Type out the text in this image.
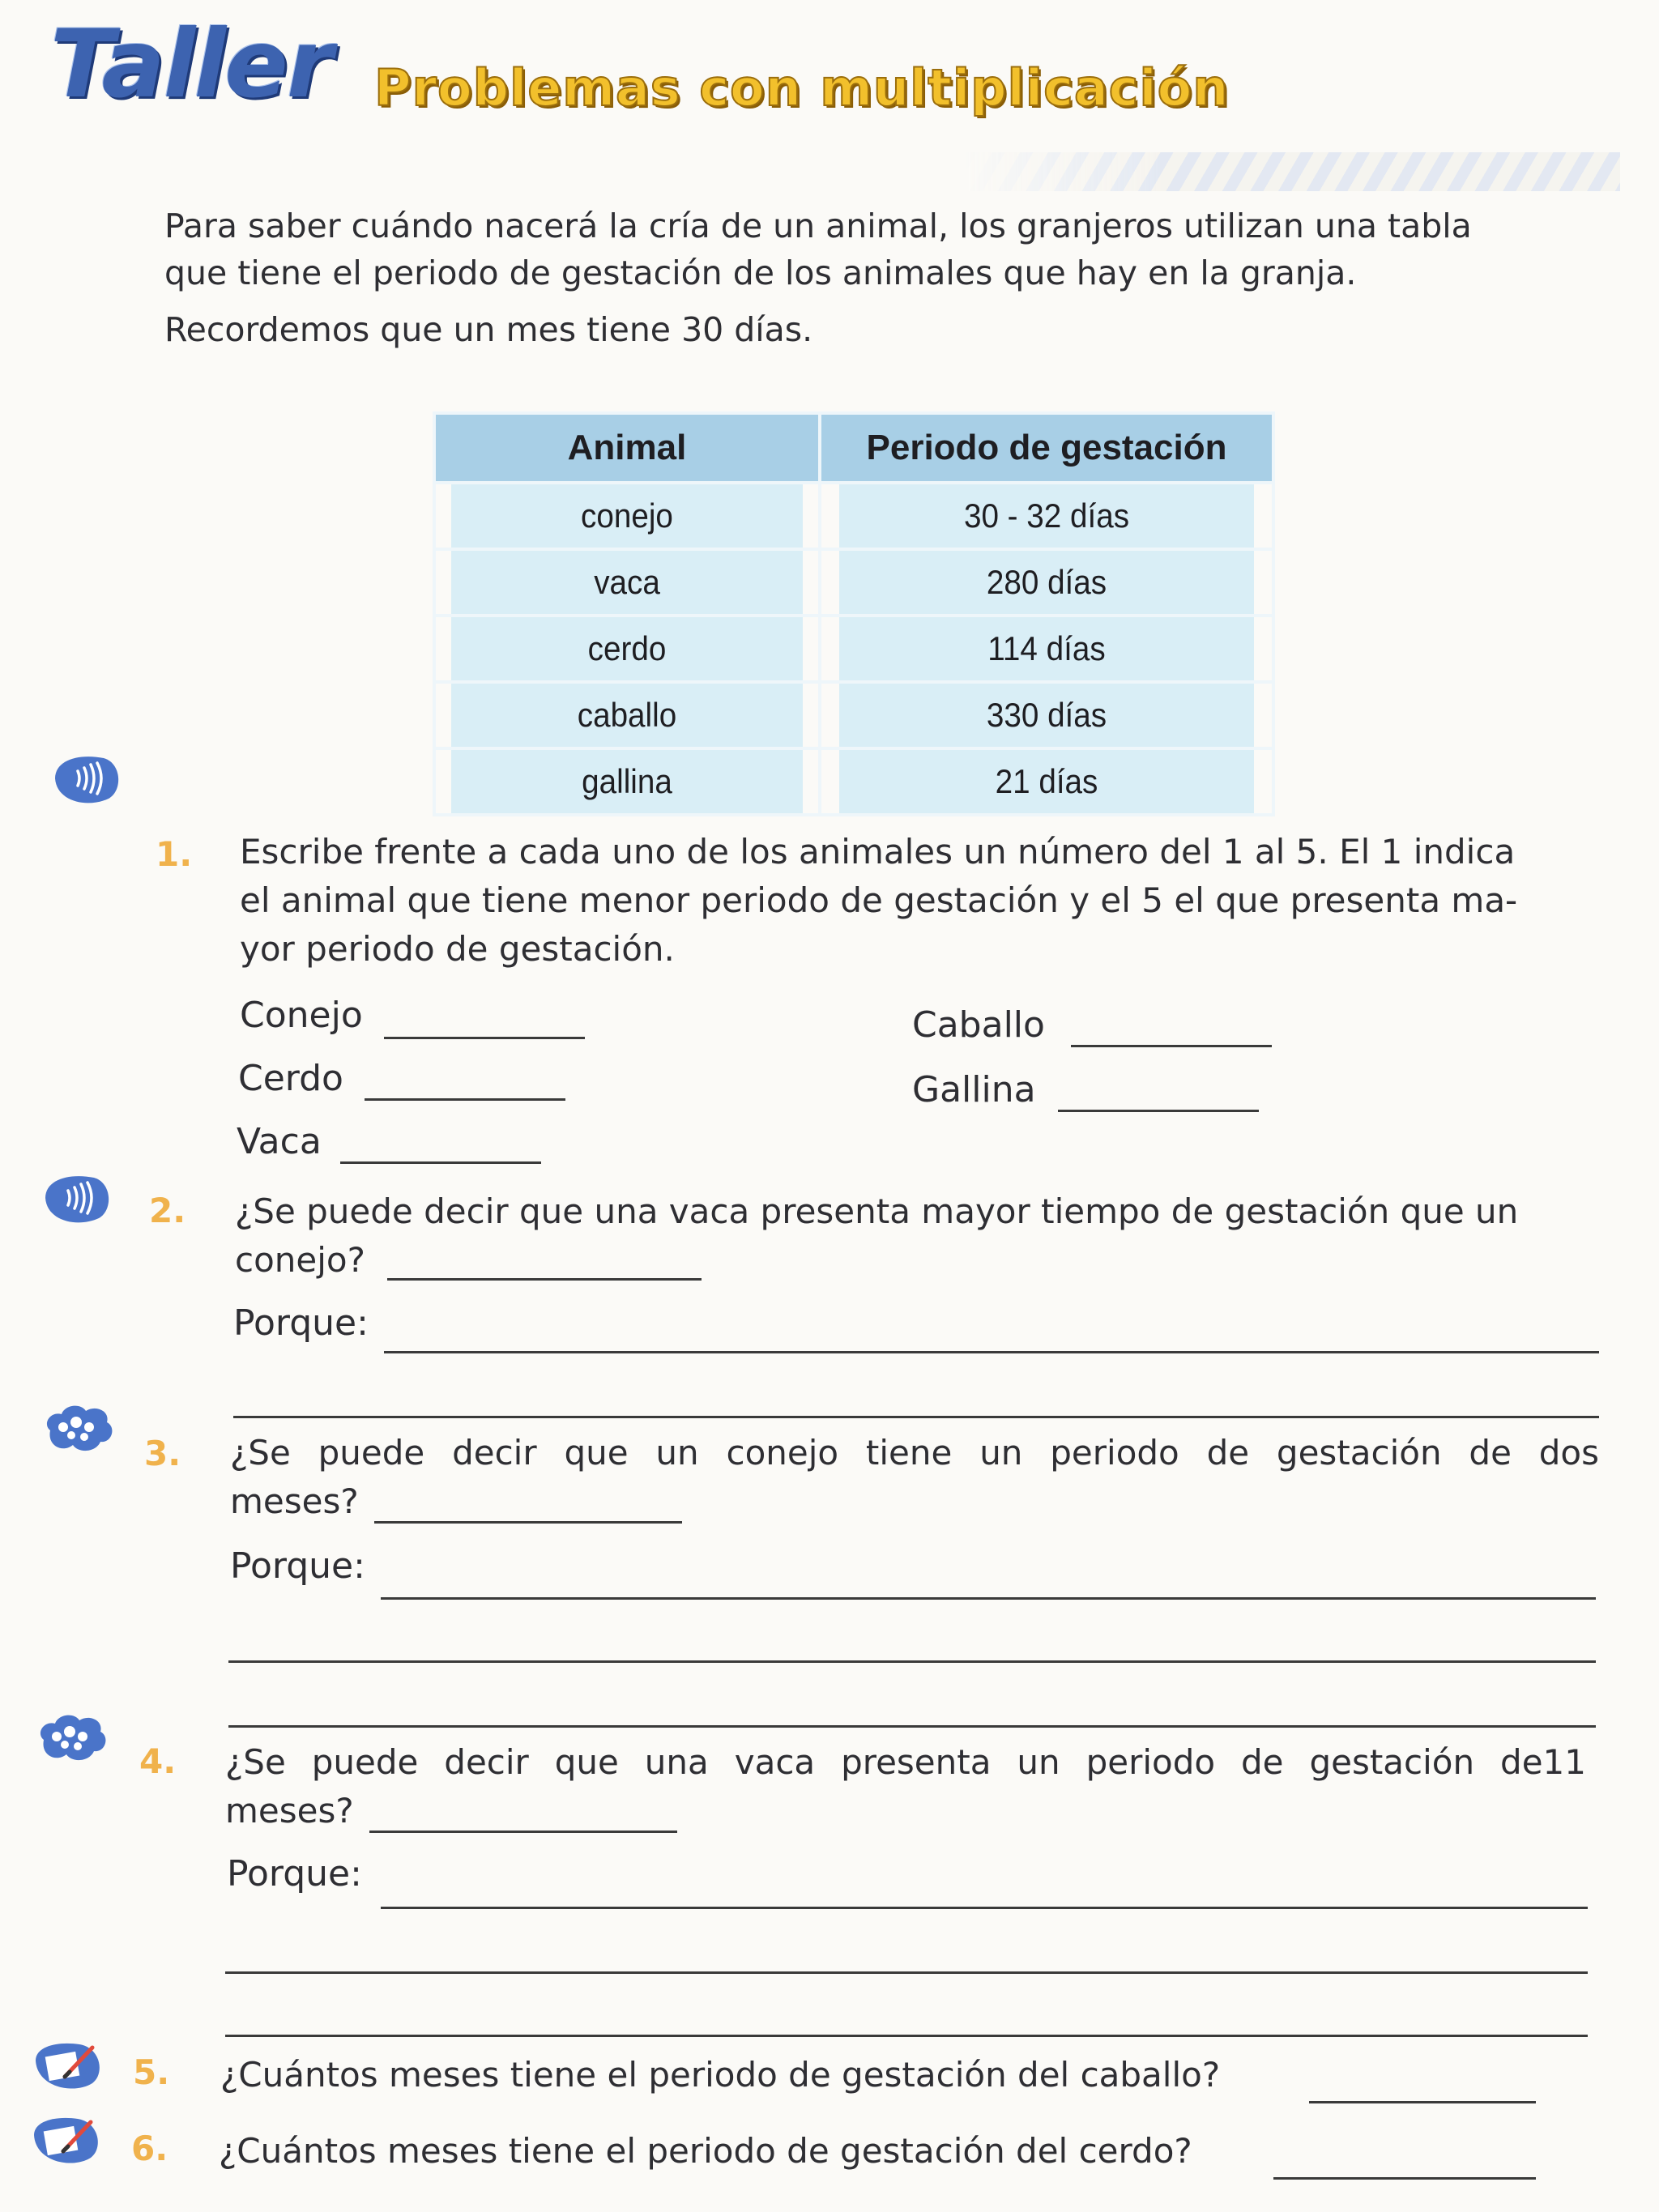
Taller Problemas con multiplicación
Para saber cuándo nacerá la cría de un animal, los granjeros utilizan una tabla
que tiene el periodo de gestación de los animales que hay en la granja.
Recordemos que un mes tiene 30 días.
Animal	Periodo de gestación
conejo	30 - 32 días
vaca	280 días
cerdo	114 días
caballo	330 días
gallina	21 días
1. Escribe frente a cada uno de los animales un número del 1 al 5. El 1 indica
el animal que tiene menor periodo de gestación y el 5 el que presenta ma-
yor periodo de gestación.
Conejo	Caballo
Cerdo	Gallina
Vaca
2. ¿Se puede decir que una vaca presenta mayor tiempo de gestación que un
conejo?
Porque:
3. ¿Se puede decir que un conejo tiene un periodo de gestación de dos
meses?
Porque:
4. ¿Se puede decir que una vaca presenta un periodo de gestación de11
meses?
Porque:
5. ¿Cuántos meses tiene el periodo de gestación del caballo?
6. ¿Cuántos meses tiene el periodo de gestación del cerdo?
